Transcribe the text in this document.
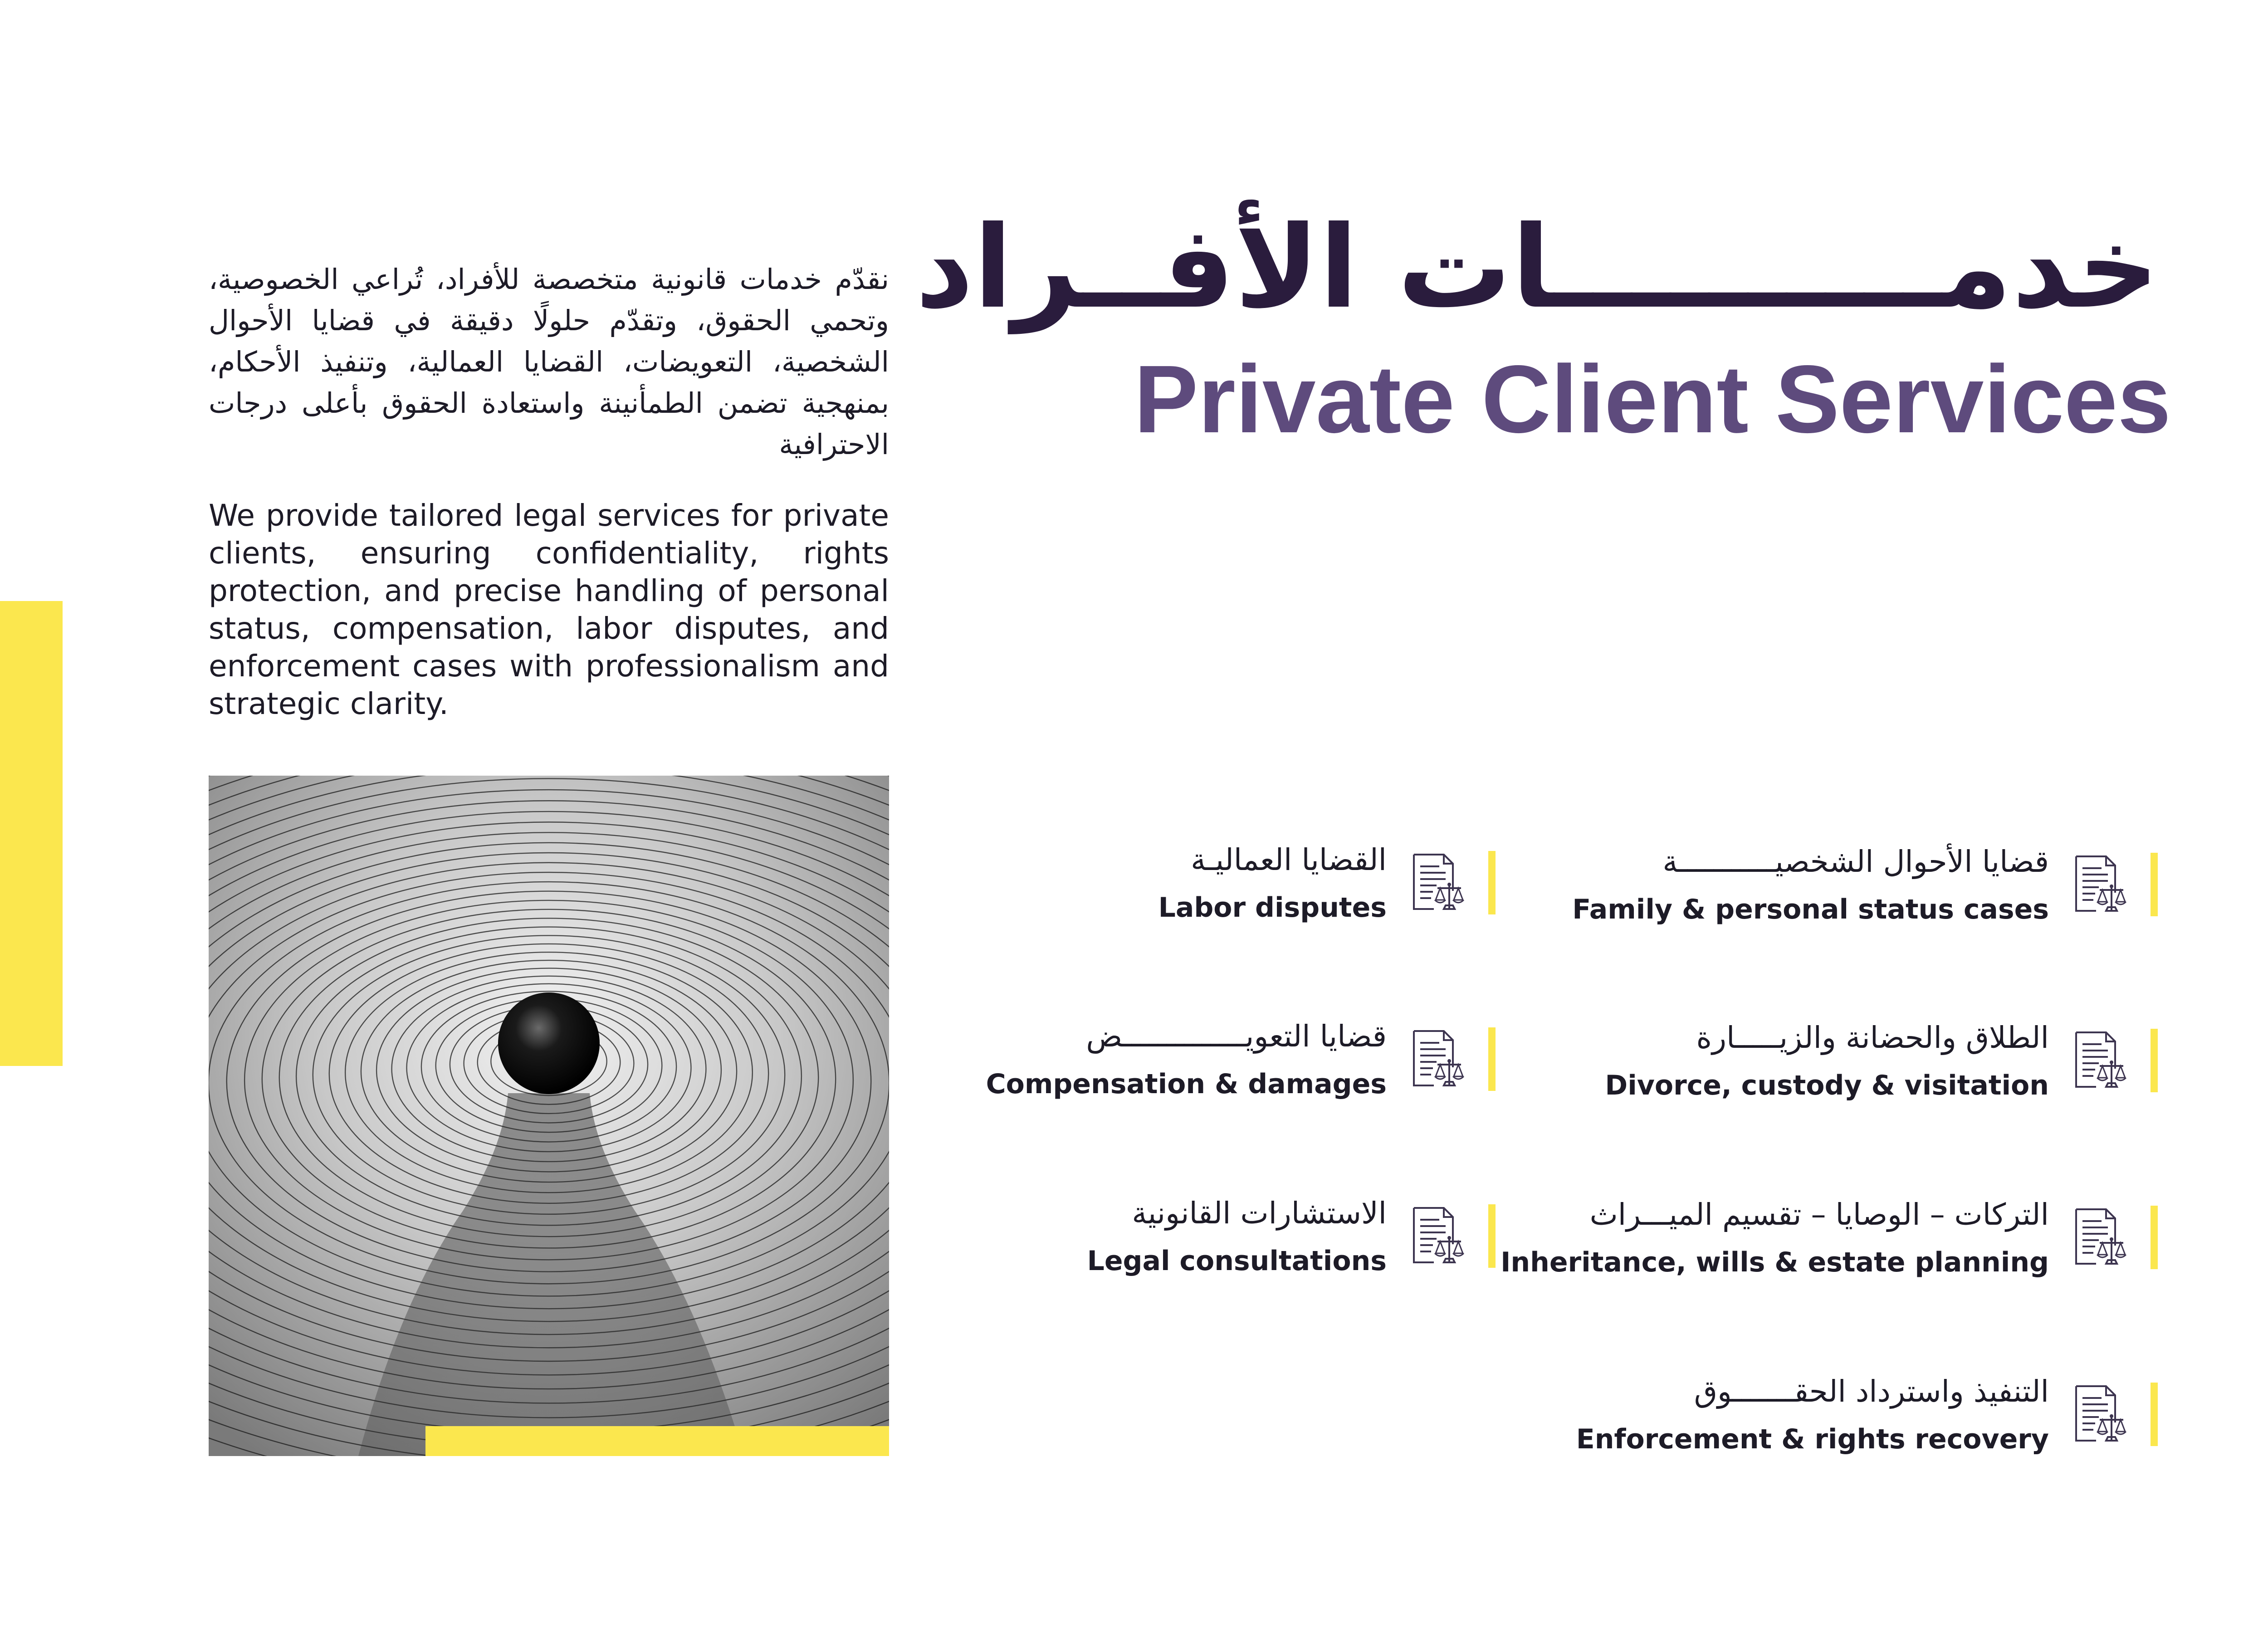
خدمــــــــــات الأفــراد
Private Client Services
نقدّم خدمات قانونية متخصصة للأفراد، تُراعي الخصوصية، وتحمي الحقوق، وتقدّم حلولًا دقيقة في قضايا الأحوال الشخصية، التعويضات، القضايا العمالية، وتنفيذ الأحكام، بمنهجية تضمن الطمأنينة واستعادة الحقوق بأعلى درجات الاحترافية
We provide tailored legal services for private clients, ensuring confidentiality, rights protection, and precise handling of personal status, compensation, labor disputes, and enforcement cases with professionalism and strategic clarity.
قضايا الأحوال الشخصيـــــــــــة
Family & personal status cases
الطلاق والحضانة والزيـــــارة
Divorce, custody & visitation
التركات – الوصايا – تقسيم الميـــراث
Inheritance, wills & estate planning
التنفيذ واسترداد الحقـــــــوق
Enforcement & rights recovery
القضايا العماليـة
Labor disputes
قضايا التعويــــــــــــــض
Compensation & damages
الاستشارات القانونية
Legal consultations
